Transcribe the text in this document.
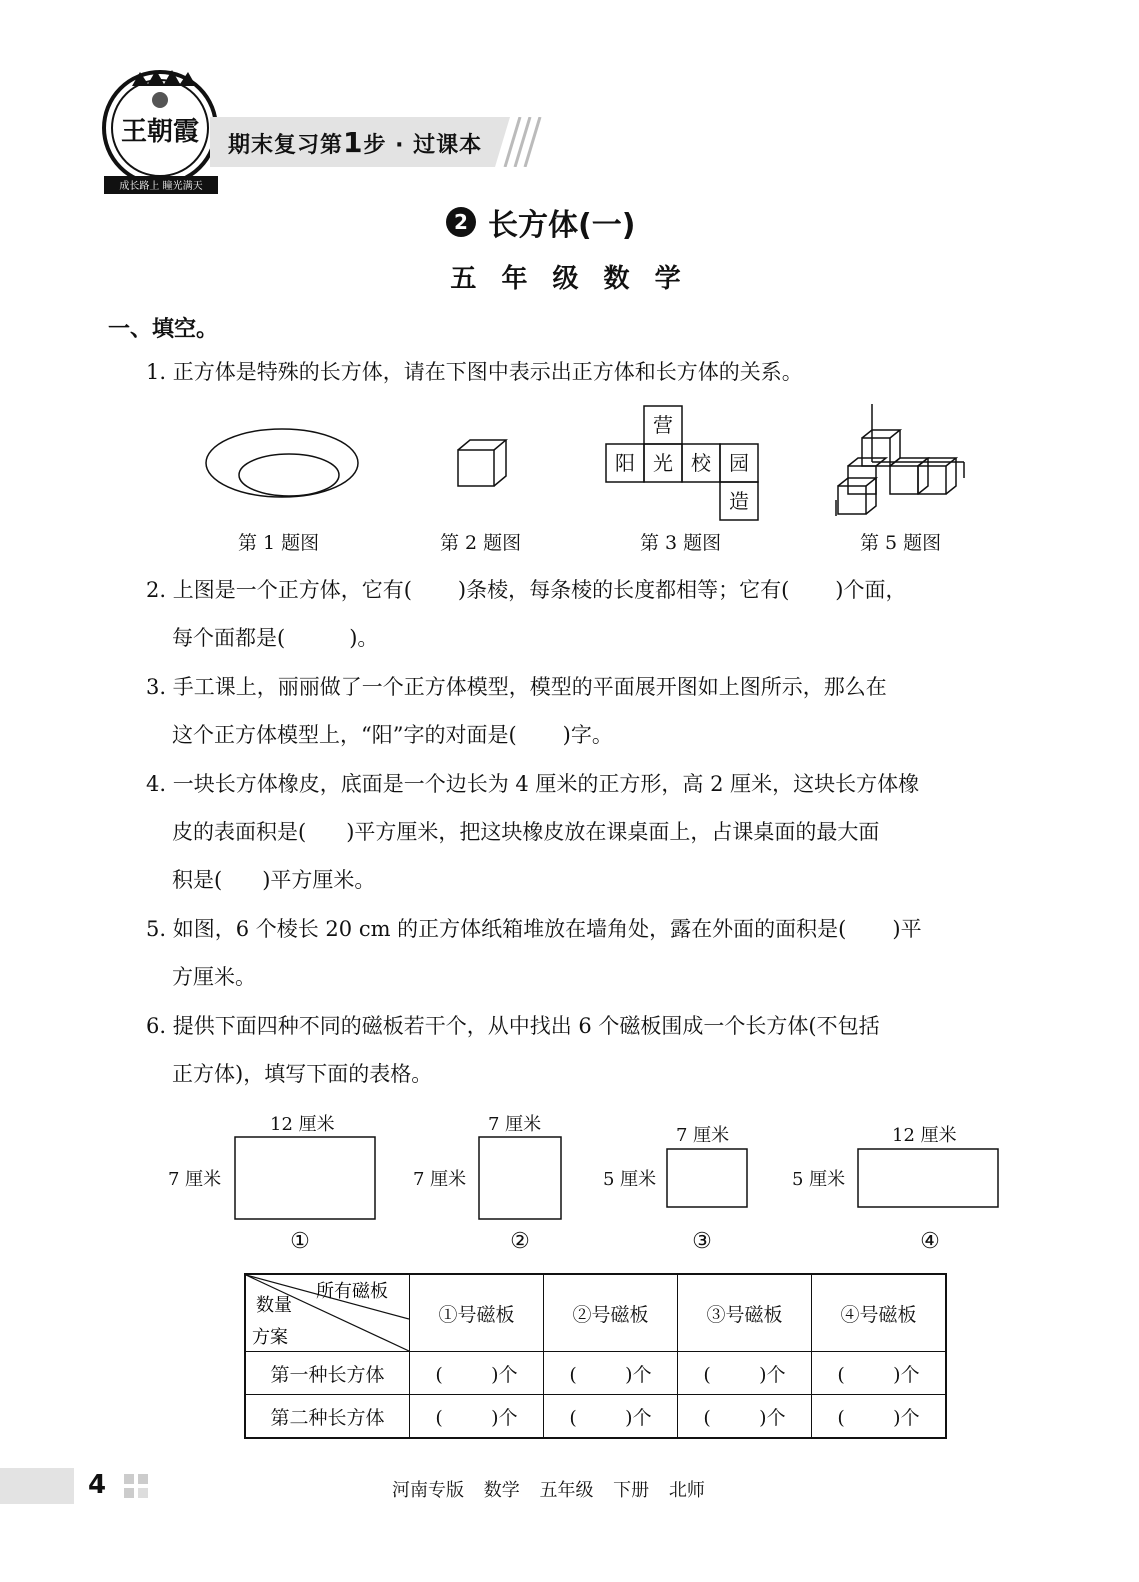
王朝霞
成长路上 瞳光满天
期末复习第1步 · 过课本
2 长方体(一)
五 年 级 数 学
一、填空。
1. 正方体是特殊的长方体，请在下图中表示出正方体和长方体的关系。
营
阳 光 校 园
造
第 1 题图	第 2 题图	第 3 题图	第 5 题图
2. 上图是一个正方体，它有( )条棱，每条棱的长度都相等；它有( )个面，
每个面都是(	)。
3. 手工课上，丽丽做了一个正方体模型，模型的平面展开图如上图所示，那么在
这个正方体模型上，“阳”字的对面是( )字。
4. 一块长方体橡皮，底面是一个边长为 4 厘米的正方形，高 2 厘米，这块长方体橡
皮的表面积是( )平方厘米，把这块橡皮放在课桌面上，占课桌面的最大面
积是( )平方厘米。
5. 如图，6 个棱长 20 cm 的正方体纸箱堆放在墙角处，露在外面的面积是( )平
方厘米。
6. 提供下面四种不同的磁板若干个，从中找出 6 个磁板围成一个长方体(不包括
正方体)，填写下面的表格。
12 厘米
7 厘米
①
7 厘米
7 厘米
②
7 厘米
5 厘米
③
12 厘米
5 厘米
④
所有磁板
数量
方案	①号磁板	②号磁板	③号磁板	④号磁板
第一种长方体	(        )个	(        )个	(        )个	(        )个
第二种长方体	(        )个	(        )个	(        )个	(        )个
4	河南专版 数学 五年级 下册 北师
